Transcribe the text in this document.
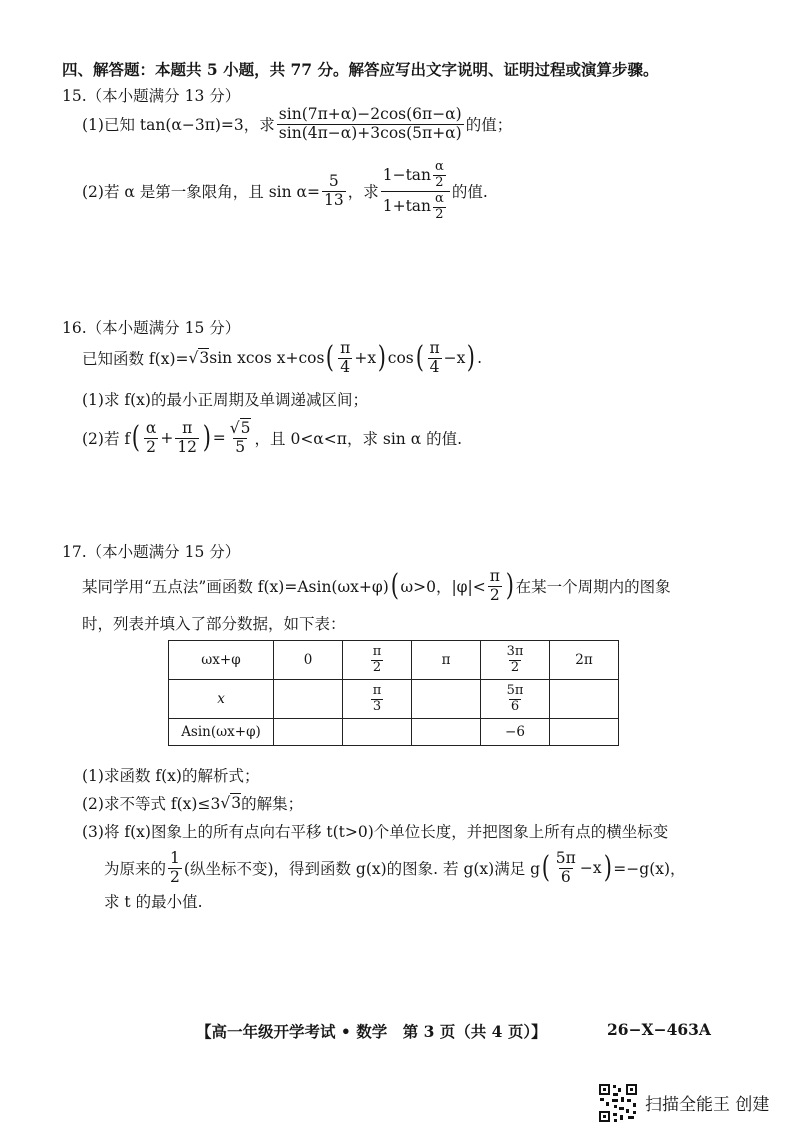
四、解答题：本题共 5 小题，共 77 分。解答应写出文字说明、证明过程或演算步骤。
15.（本小题满分 13 分）
(1)已知 tan(α−3π)=3，求 $\frac{\sin(7\pi+\alpha)-2\cos(6\pi-\alpha)}{\sin(4\pi-\alpha)+3\cos(5\pi+\alpha)}$ 的值；
(2)若 α 是第一象限角，且 $\sin \alpha= \frac{5}{13}$ ，求 $\frac{1-\tan \frac{\alpha}{2}}{1+\tan \frac{\alpha}{2}}$ 的值.
16.（本小题满分 15 分）
已知函数 f(x)= √3 sin xcos x+cos ( $\frac{\pi}{4} +x$ ) cos ( $\frac{\pi}{4} -x$ ) .
(1)求 f(x)的最小正周期及单调递减区间；
(2)若 f ( $\frac{\alpha}{2} + \frac{\pi}{12}$ ) = $\frac{√5}{5}$ ，且 0<α<π，求 sin α 的值.
17.（本小题满分 15 分）
某同学用“五点法”画函数 f(x)=Asin(ωx+φ) ( ω>0，$|\varphi|< \frac{\pi}{2}$ ) 在某一个周期内的图象
时，列表并填入了部分数据，如下表：
ωx+φ	0	$\frac{\pi}{2}$	π	$\frac{3\pi}{2}$	2π
x		$\frac{\pi}{3}$		$\frac{5\pi}{6}$

Asin(ωx+φ)				−6	
(1)求函数 f(x)的解析式；
(2)求不等式 f(x)≤3 √3 的解集；
(3)将 f(x)图象上的所有点向右平移 t(t>0)个单位长度，并把图象上所有点的横坐标变
为原来的 $\frac{1}{2}$ (纵坐标不变)，得到函数 g(x)的图象. 若 g(x)满足 g ( $\frac{5\pi}{6} -x$ ) =−g(x)，
求 t 的最小值.
【高一年级开学考试 • 数学　第 3 页（共 4 页）】	26−X−463A
扫描全能王 创建
